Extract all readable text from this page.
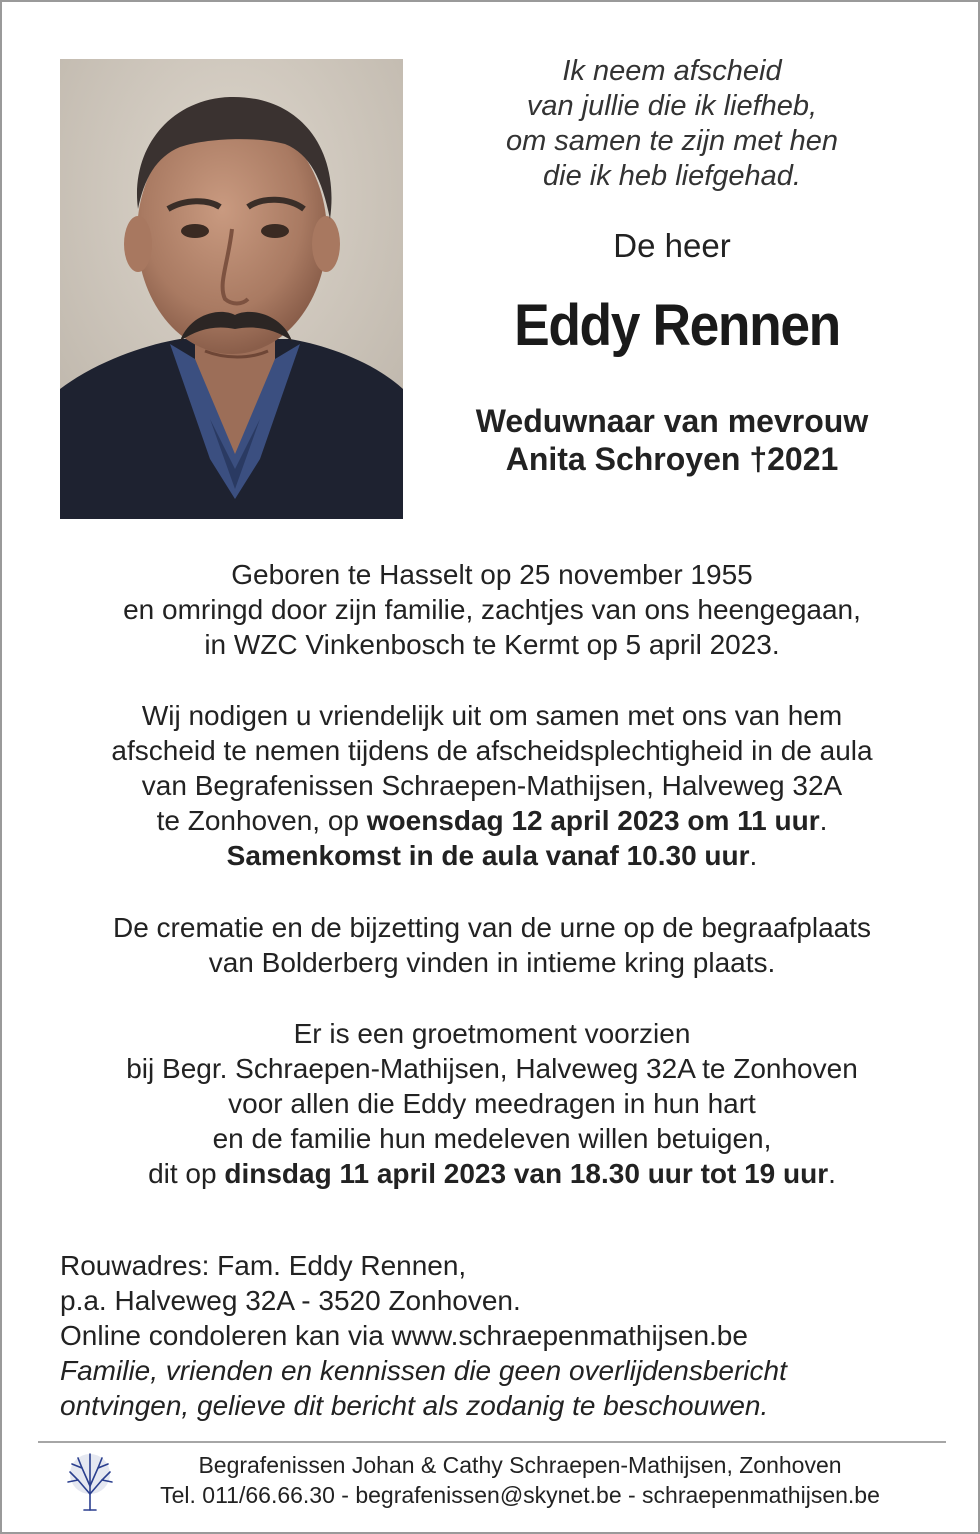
Ik neem afscheid
van jullie die ik liefheb,
om samen te zijn met hen
die ik heb liefgehad.
De heer
Eddy Rennen
Weduwnaar van mevrouw
Anita Schroyen †2021

Geboren te Hasselt op 25 november 1955

en omringd door zijn familie, zachtjes van ons heengegaan,

in WZC Vinkenbosch te Kermt op 5 april 2023.

Wij nodigen u vriendelijk uit om samen met ons van hem

afscheid te nemen tijdens de afscheidsplechtigheid in de aula

van Begrafenissen Schraepen-Mathijsen, Halveweg 32A

te Zonhoven, op woensdag 12 april 2023 om 11 uur.

Samenkomst in de aula vanaf 10.30 uur.

De crematie en de bijzetting van de urne op de begraafplaats

van Bolderberg vinden in intieme kring plaats.

Er is een groetmoment voorzien

bij Begr. Schraepen-Mathijsen, Halveweg 32A te Zonhoven

voor allen die Eddy meedragen in hun hart

en de familie hun medeleven willen betuigen,

dit op dinsdag 11 april 2023 van 18.30 uur tot 19 uur.

Rouwadres: Fam. Eddy Rennen,

p.a. Halveweg 32A - 3520 Zonhoven.

Online condoleren kan via www.schraepenmathijsen.be

Familie, vrienden en kennissen die geen overlijdensbericht

ontvingen, gelieve dit bericht als zodanig te beschouwen.

Begrafenissen Johan & Cathy Schraepen-Mathijsen, Zonhoven

Tel. 011/66.66.30 - begrafenissen@skynet.be - schraepenmathijsen.be
